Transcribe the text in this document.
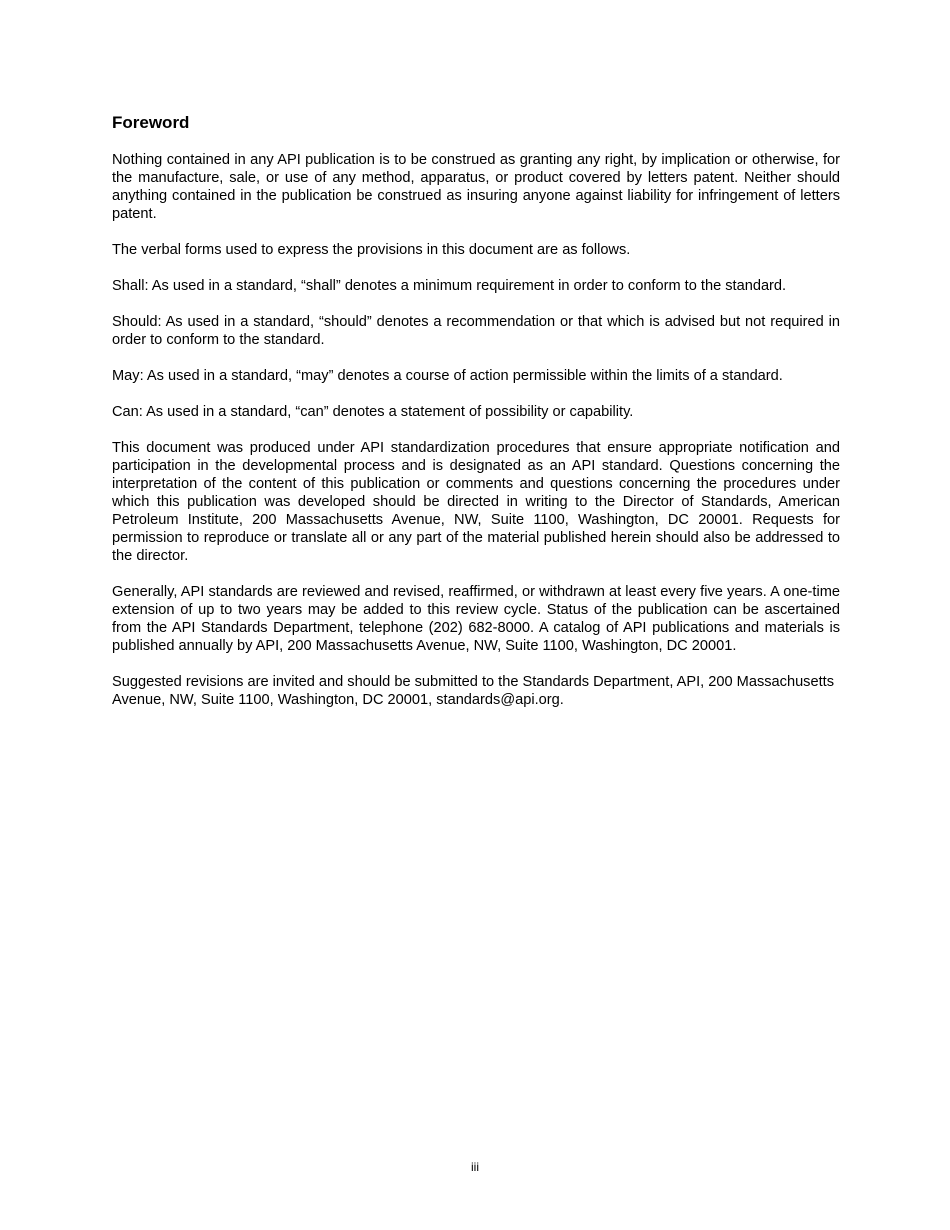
Foreword

Nothing contained in any API publication is to be construed as granting any right, by implication or otherwise, for the manufacture, sale, or use of any method, apparatus, or product covered by letters patent. Neither should anything contained in the publication be construed as insuring anyone against liability for infringement of letters patent.

The verbal forms used to express the provisions in this document are as follows.

Shall: As used in a standard, “shall” denotes a minimum requirement in order to conform to the standard.

Should: As used in a standard, “should” denotes a recommendation or that which is advised but not required in order to conform to the standard.

May: As used in a standard, “may” denotes a course of action permissible within the limits of a standard.

Can: As used in a standard, “can” denotes a statement of possibility or capability.

This document was produced under API standardization procedures that ensure appropriate notification and participation in the developmental process and is designated as an API standard. Questions concerning the interpretation of the content of this publication or comments and questions concerning the procedures under which this publication was developed should be directed in writing to the Director of Standards, American Petroleum Institute, 200 Massachusetts Avenue, NW, Suite 1100, Washington, DC 20001. Requests for permission to reproduce or translate all or any part of the material published herein should also be addressed to the director.

Generally, API standards are reviewed and revised, reaffirmed, or withdrawn at least every five years. A one-time extension of up to two years may be added to this review cycle. Status of the publication can be ascertained from the API Standards Department, telephone (202) 682-8000. A catalog of API publications and materials is published annually by API, 200 Massachusetts Avenue, NW, Suite 1100, Washington, DC 20001.

Suggested revisions are invited and should be submitted to the Standards Department, API, 200 Massachusetts Avenue, NW, Suite 1100, Washington, DC 20001, standards@api.org.

iii
